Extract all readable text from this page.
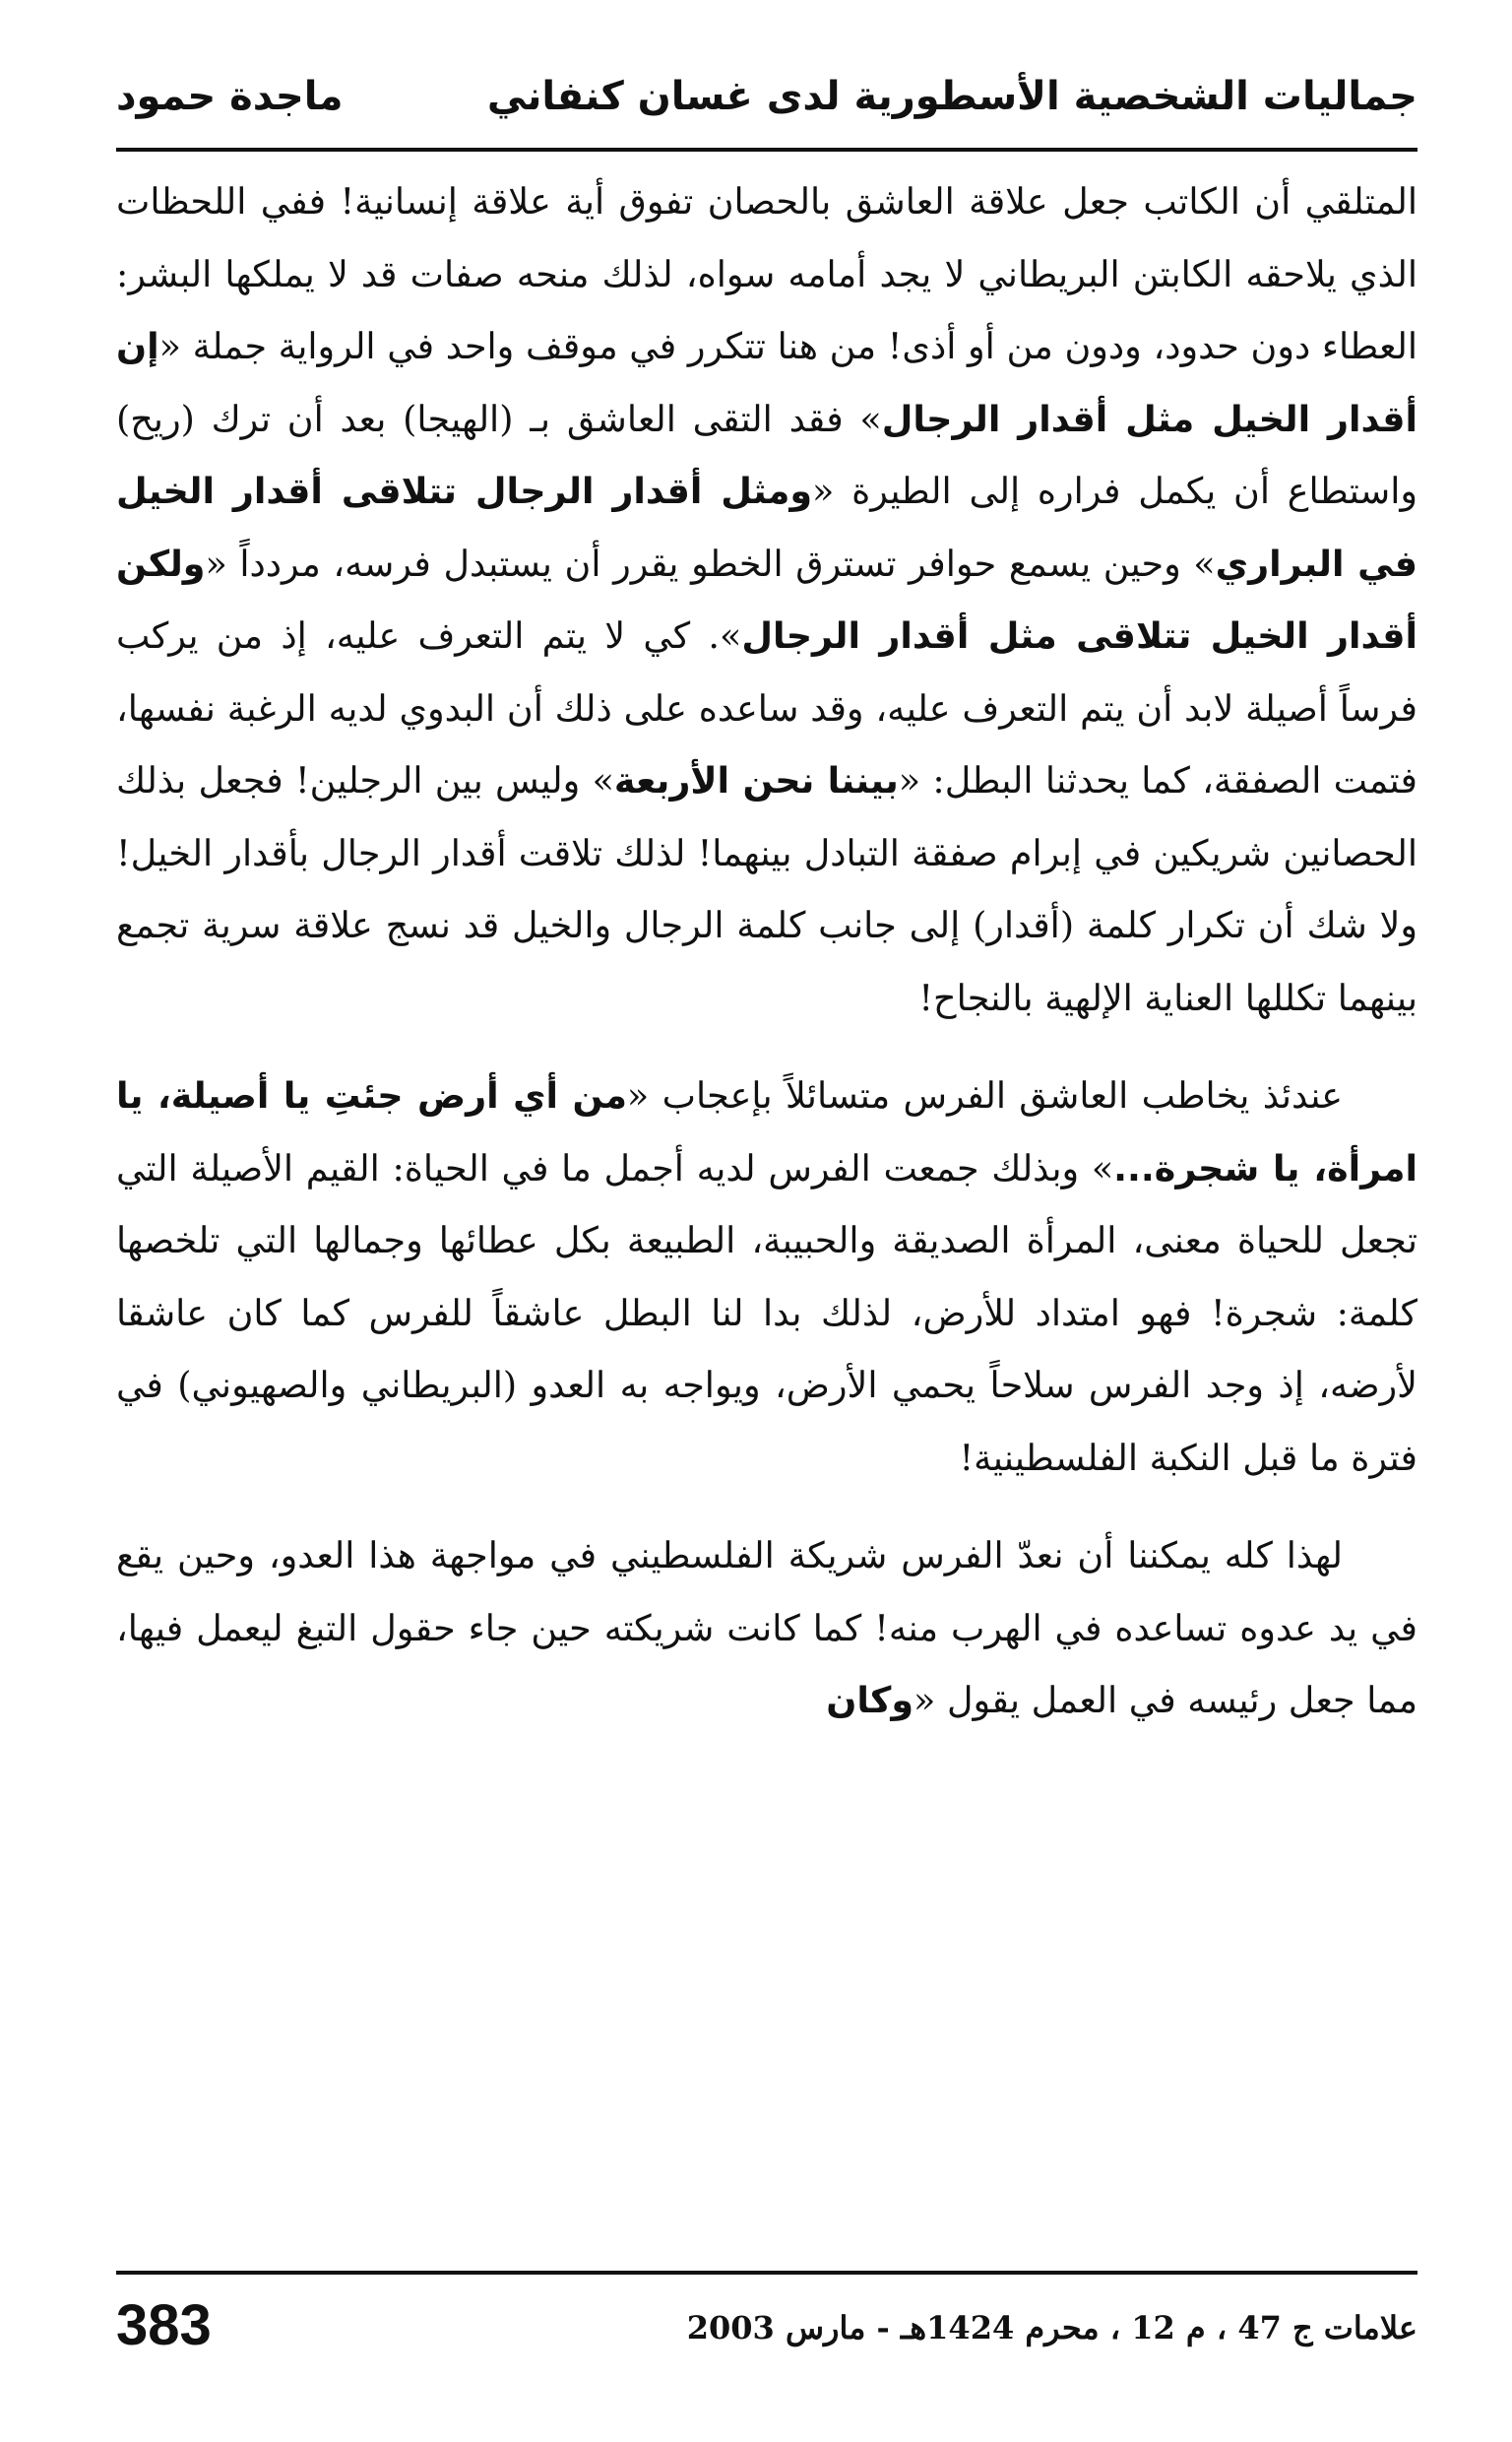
جماليات الشخصية الأسطورية لدى غسان كنفاني
ماجدة حمود

المتلقي أن الكاتب جعل علاقة العاشق بالحصان تفوق أية علاقة إنسانية! ففي اللحظات الذي يلاحقه الكابتن البريطاني لا يجد أمامه سواه، لذلك منحه صفات قد لا يملكها البشر: العطاء دون حدود، ودون من أو أذى! من هنا تتكرر في موقف واحد في الرواية جملة «إن أقدار الخيل مثل أقدار الرجال» فقد التقى العاشق بـ (الهيجا) بعد أن ترك (ريح) واستطاع أن يكمل فراره إلى الطيرة «ومثل أقدار الرجال تتلاقى أقدار الخيل في البراري» وحين يسمع حوافر تسترق الخطو يقرر أن يستبدل فرسه، مردداً «ولكن أقدار الخيل تتلاقى مثل أقدار الرجال». كي لا يتم التعرف عليه، إذ من يركب فرساً أصيلة لابد أن يتم التعرف عليه، وقد ساعده على ذلك أن البدوي لديه الرغبة نفسها، فتمت الصفقة، كما يحدثنا البطل: «بيننا نحن الأربعة» وليس بين الرجلين! فجعل بذلك الحصانين شريكين في إبرام صفقة التبادل بينهما! لذلك تلاقت أقدار الرجال بأقدار الخيل! ولا شك أن تكرار كلمة (أقدار) إلى جانب كلمة الرجال والخيل قد نسج علاقة سرية تجمع بينهما تكللها العناية الإلهية بالنجاح!

عندئذ يخاطب العاشق الفرس متسائلاً بإعجاب «من أي أرض جئتِ يا أصيلة، يا امرأة، يا شجرة...» وبذلك جمعت الفرس لديه أجمل ما في الحياة: القيم الأصيلة التي تجعل للحياة معنى، المرأة الصديقة والحبيبة، الطبيعة بكل عطائها وجمالها التي تلخصها كلمة: شجرة! فهو امتداد للأرض، لذلك بدا لنا البطل عاشقاً للفرس كما كان عاشقا لأرضه، إذ وجد الفرس سلاحاً يحمي الأرض، ويواجه به العدو (البريطاني والصهيوني) في فترة ما قبل النكبة الفلسطينية!

لهذا كله يمكننا أن نعدّ الفرس شريكة الفلسطيني في مواجهة هذا العدو، وحين يقع في يد عدوه تساعده في الهرب منه! كما كانت شريكته حين جاء حقول التبغ ليعمل فيها، مما جعل رئيسه في العمل يقول «وكان

383	علامات ج 47 ، م 12 ، محرم 1424هـ - مارس 2003
